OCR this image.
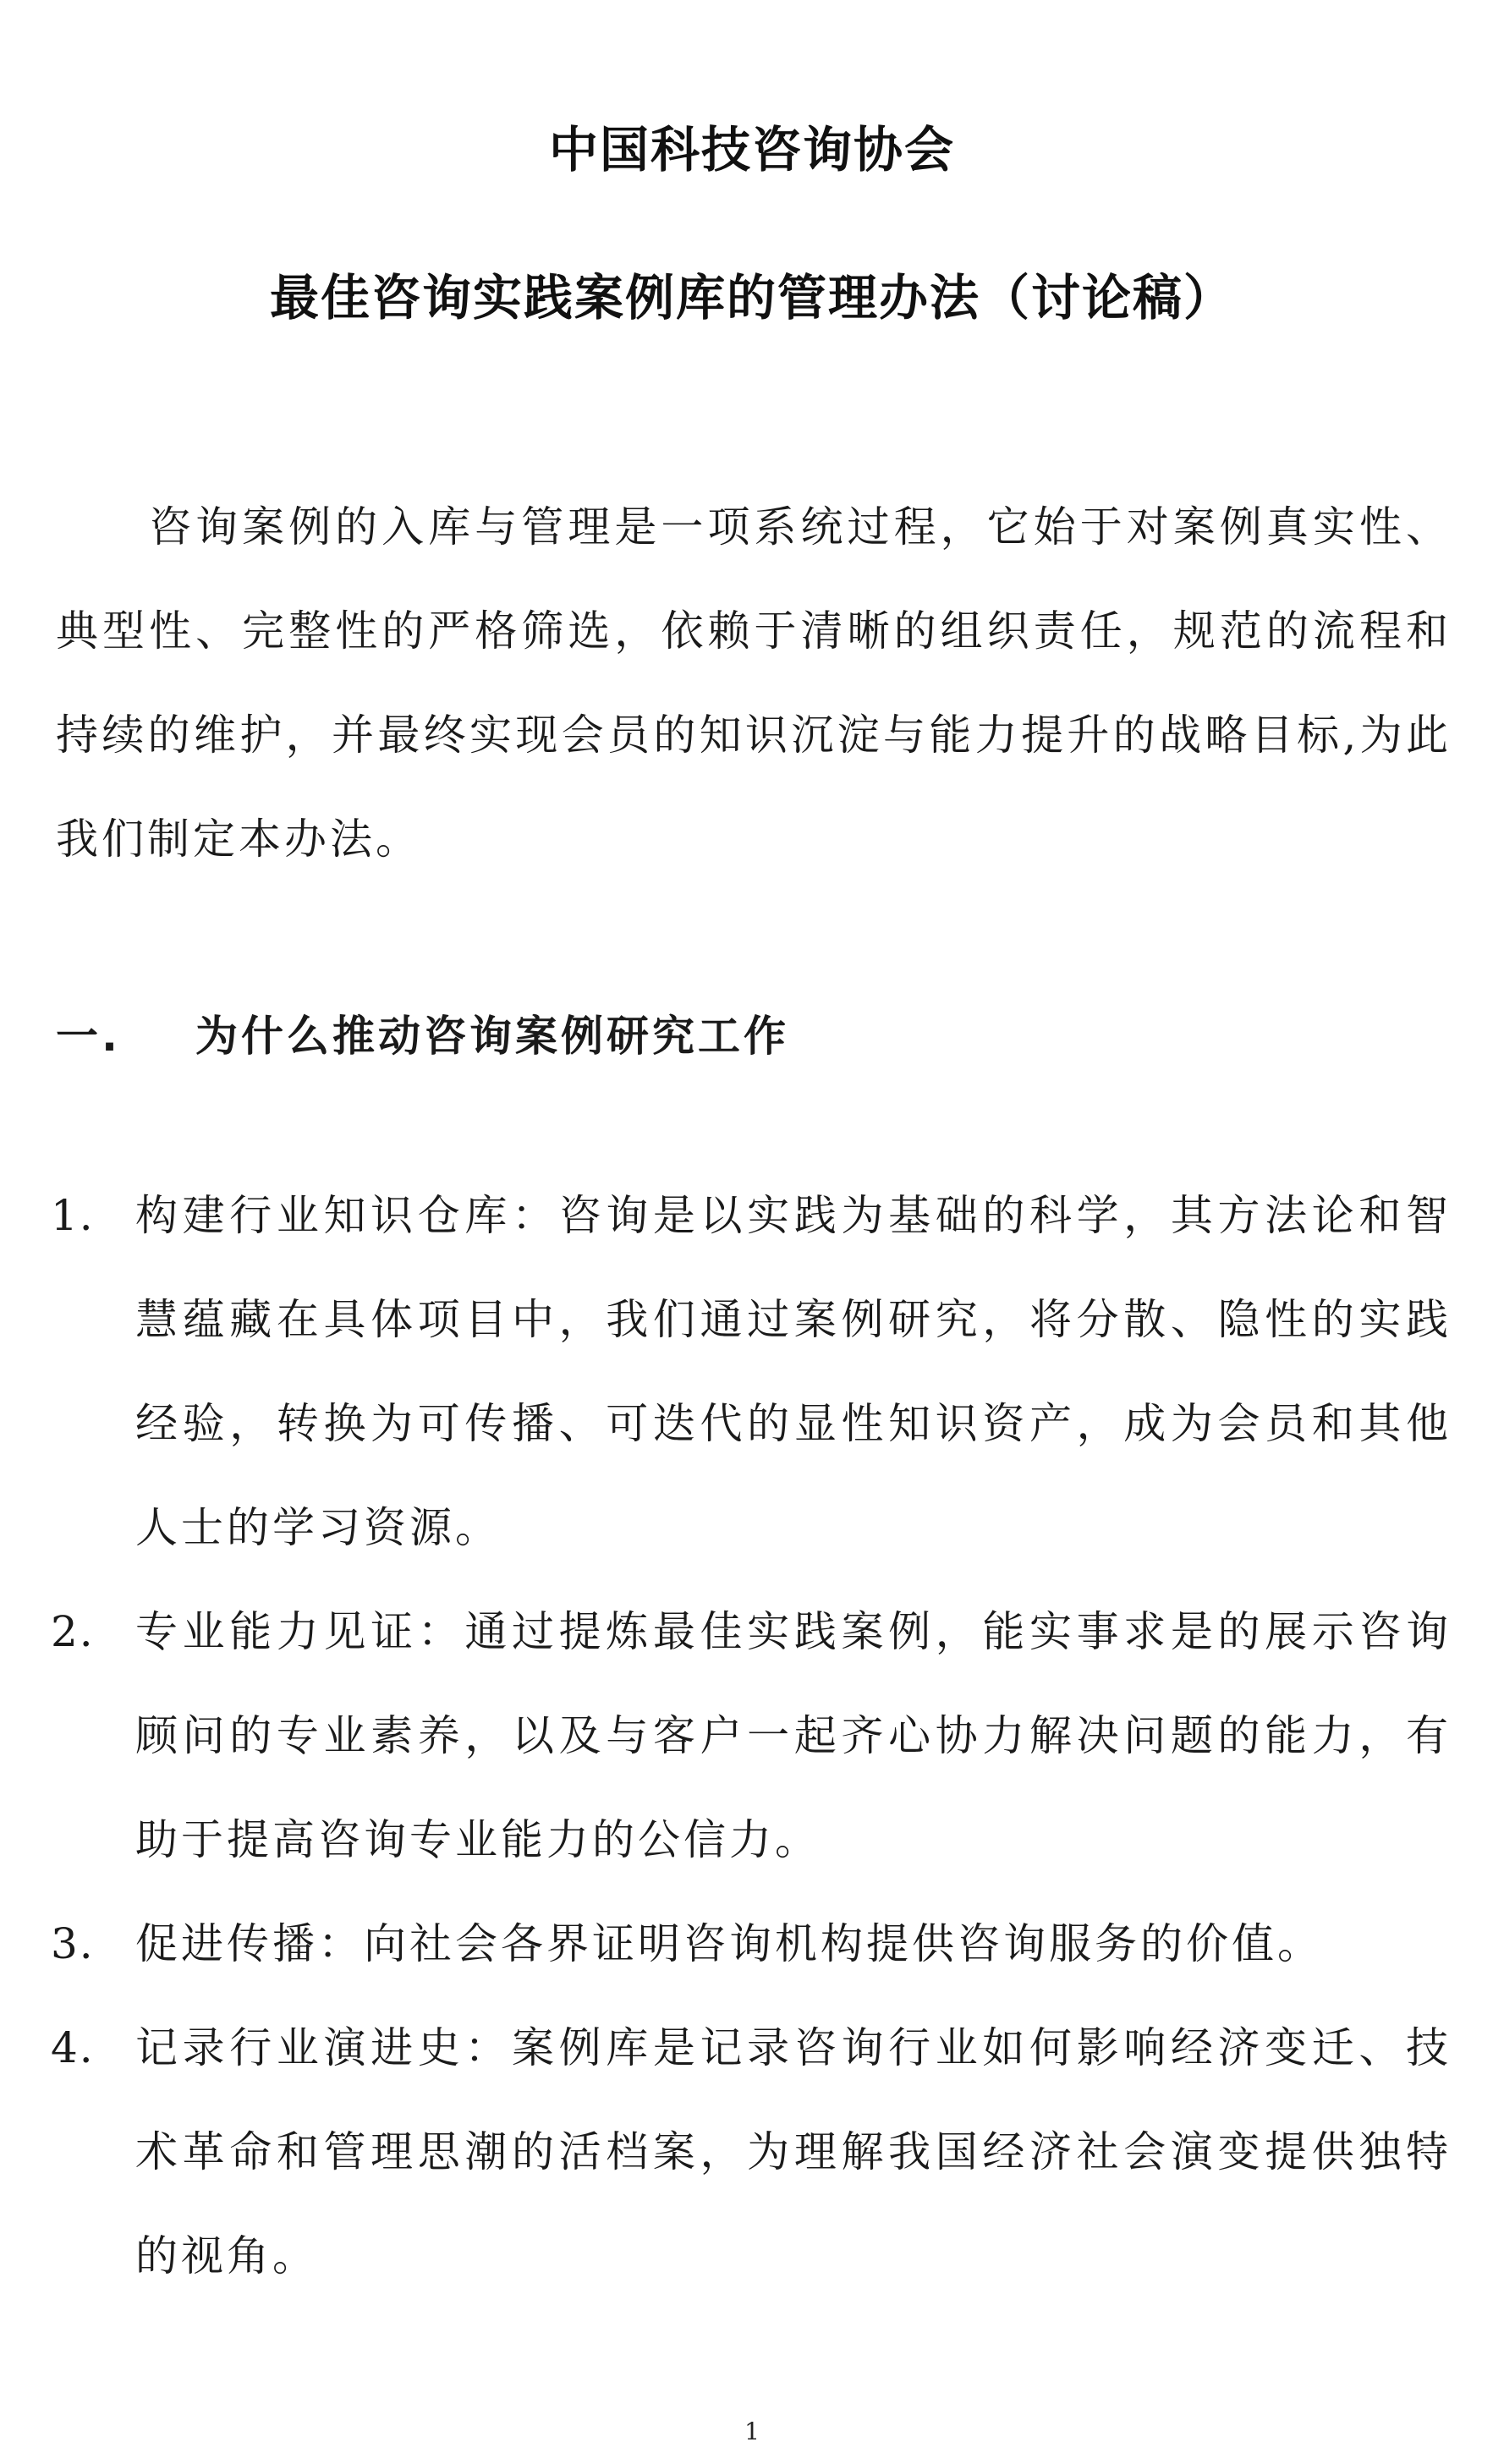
中国科技咨询协会
最佳咨询实践案例库的管理办法（讨论稿）

咨询案例的入库与管理是一项系统过程，它始于对案例真实性、典型性、完整性的严格筛选，依赖于清晰的组织责任，规范的流程和持续的维护，并最终实现会员的知识沉淀与能力提升的战略目标,为此我们制定本办法。

一.	为什么推动咨询案例研究工作
1. 构建行业知识仓库：咨询是以实践为基础的科学，其方法论和智慧蕴藏在具体项目中，我们通过案例研究，将分散、隐性的实践经验，转换为可传播、可迭代的显性知识资产，成为会员和其他人士的学习资源。
2. 专业能力见证：通过提炼最佳实践案例，能实事求是的展示咨询顾问的专业素养，以及与客户一起齐心协力解决问题的能力，有助于提高咨询专业能力的公信力。
3. 促进传播：向社会各界证明咨询机构提供咨询服务的价值。
4. 记录行业演进史：案例库是记录咨询行业如何影响经济变迁、技术革命和管理思潮的活档案，为理解我国经济社会演变提供独特的视角。
1
